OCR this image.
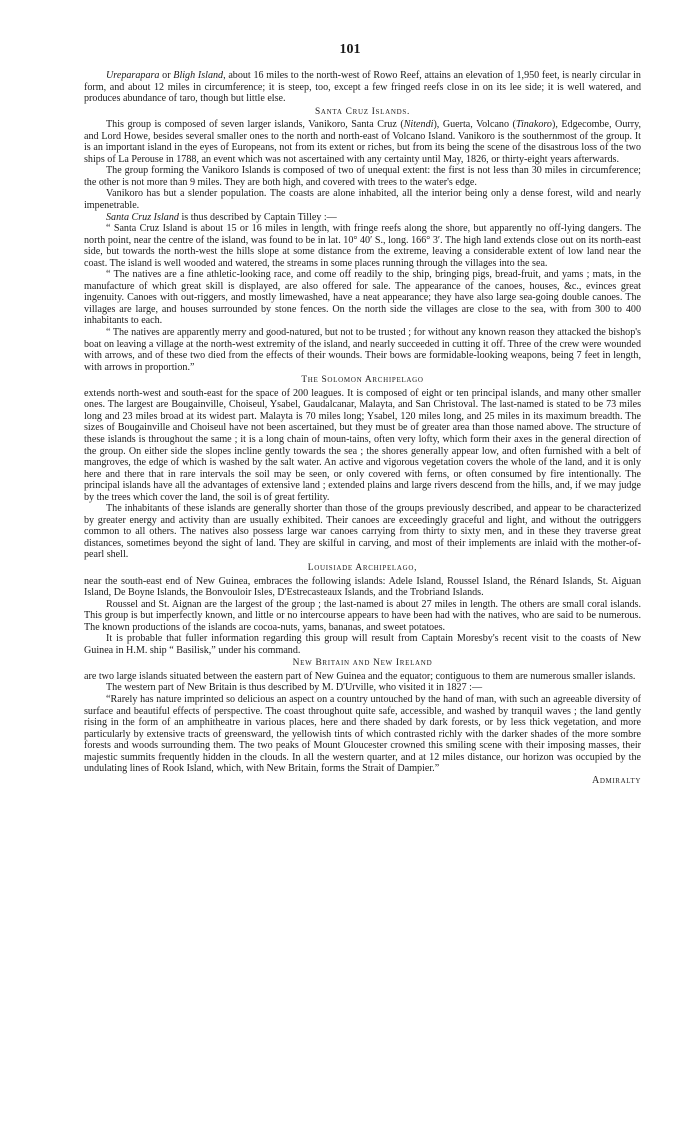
101

Ureparapara or Bligh Island, about 16 miles to the north-west of Rowo Reef, attains an elevation of 1,950 feet, is nearly circular in form, and about 12 miles in circumference; it is steep, too, except a few fringed reefs close in on its lee side; it is well watered, and produces abundance of taro, though but little else.

Santa Cruz Islands.

This group is composed of seven larger islands, Vanikoro, Santa Cruz (Nitendi), Guerta, Volcano (Tinakoro), Edgecombe, Ourry, and Lord Howe, besides several smaller ones to the north and north-east of Volcano Island. Vanikoro is the southernmost of the group. It is an important island in the eyes of Europeans, not from its extent or riches, but from its being the scene of the disastrous loss of the two ships of La Perouse in 1788, an event which was not ascertained with any certainty until May, 1826, or thirty-eight years afterwards.

The group forming the Vanikoro Islands is composed of two of unequal extent: the first is not less than 30 miles in circumference; the other is not more than 9 miles. They are both high, and covered with trees to the water's edge.

Vanikoro has but a slender population. The coasts are alone inhabited, all the interior being only a dense forest, wild and nearly impenetrable.

Santa Cruz Island is thus described by Captain Tilley :—

“ Santa Cruz Island is about 15 or 16 miles in length, with fringe reefs along the shore, but apparently no off-lying dangers. The north point, near the centre of the island, was found to be in lat. 10° 40′ S., long. 166° 3′. The high land extends close out on its north-east side, but towards the north-west the hills slope at some distance from the extreme, leaving a considerable extent of low land near the coast. The island is well wooded and watered, the streams in some places running through the villages into the sea.

“ The natives are a fine athletic-looking race, and come off readily to the ship, bringing pigs, bread-fruit, and yams ; mats, in the manufacture of which great skill is displayed, are also offered for sale. The appearance of the canoes, houses, &c., evinces great ingenuity. Canoes with out-riggers, and mostly limewashed, have a neat appearance; they have also large sea-going double canoes. The villages are large, and houses surrounded by stone fences. On the north side the villages are close to the sea, with from 300 to 400 inhabitants to each.

“ The natives are apparently merry and good-natured, but not to be trusted ; for without any known reason they attacked the bishop's boat on leaving a village at the north-west extremity of the island, and nearly succeeded in cutting it off. Three of the crew were wounded with arrows, and of these two died from the effects of their wounds. Their bows are formidable-looking weapons, being 7 feet in length, with arrows in proportion.”

The Solomon Archipelago

extends north-west and south-east for the space of 200 leagues. It is composed of eight or ten principal islands, and many other smaller ones. The largest are Bougainville, Choiseul, Ysabel, Gaudalcanar, Malayta, and San Christoval. The last-named is stated to be 73 miles long and 23 miles broad at its widest part. Malayta is 70 miles long; Ysabel, 120 miles long, and 25 miles in its maximum breadth. The sizes of Bougainville and Choiseul have not been ascertained, but they must be of greater area than those named above. The structure of these islands is throughout the same ; it is a long chain of moun-tains, often very lofty, which form their axes in the general direction of the group. On either side the slopes incline gently towards the sea ; the shores generally appear low, and often furnished with a belt of mangroves, the edge of which is washed by the salt water. An active and vigorous vegetation covers the whole of the land, and it is only here and there that in rare intervals the soil may be seen, or only covered with ferns, or often consumed by fire intentionally. The principal islands have all the advantages of extensive land ; extended plains and large rivers descend from the hills, and, if we may judge by the trees which cover the land, the soil is of great fertility.

The inhabitants of these islands are generally shorter than those of the groups previously described, and appear to be characterized by greater energy and activity than are usually exhibited. Their canoes are exceedingly graceful and light, and without the outriggers common to all others. The natives also possess large war canoes carrying from thirty to sixty men, and in these they traverse great distances, sometimes beyond the sight of land. They are skilful in carving, and most of their implements are inlaid with the mother-of-pearl shell.

Louisiade Archipelago,

near the south-east end of New Guinea, embraces the following islands: Adele Island, Roussel Island, the Rénard Islands, St. Aiguan Island, De Boyne Islands, the Bonvouloir Isles, D'Estrecasteaux Islands, and the Trobriand Islands.

Roussel and St. Aignan are the largest of the group ; the last-named is about 27 miles in length. The others are small coral islands. This group is but imperfectly known, and little or no intercourse appears to have been had with the natives, who are said to be numerous. The known productions of the islands are cocoa-nuts, yams, bananas, and sweet potatoes.

It is probable that fuller information regarding this group will result from Captain Moresby's recent visit to the coasts of New Guinea in H.M. ship “ Basilisk,” under his command.

New Britain and New Ireland

are two large islands situated between the eastern part of New Guinea and the equator; contiguous to them are numerous smaller islands.

The western part of New Britain is thus described by M. D'Urville, who visited it in 1827 :—

“Rarely has nature imprinted so delicious an aspect on a country untouched by the hand of man, with such an agreeable diversity of surface and beautiful effects of perspective. The coast throughout quite safe, accessible, and washed by tranquil waves ; the land gently rising in the form of an amphitheatre in various places, here and there shaded by dark forests, or by less thick vegetation, and more particularly by extensive tracts of greensward, the yellowish tints of which contrasted richly with the darker shades of the more sombre forests and woods surrounding them. The two peaks of Mount Gloucester crowned this smiling scene with their imposing masses, their majestic summits frequently hidden in the clouds. In all the western quarter, and at 12 miles distance, our horizon was occupied by the undulating lines of Rook Island, which, with New Britain, forms the Strait of Dampier.”

Admiralty
